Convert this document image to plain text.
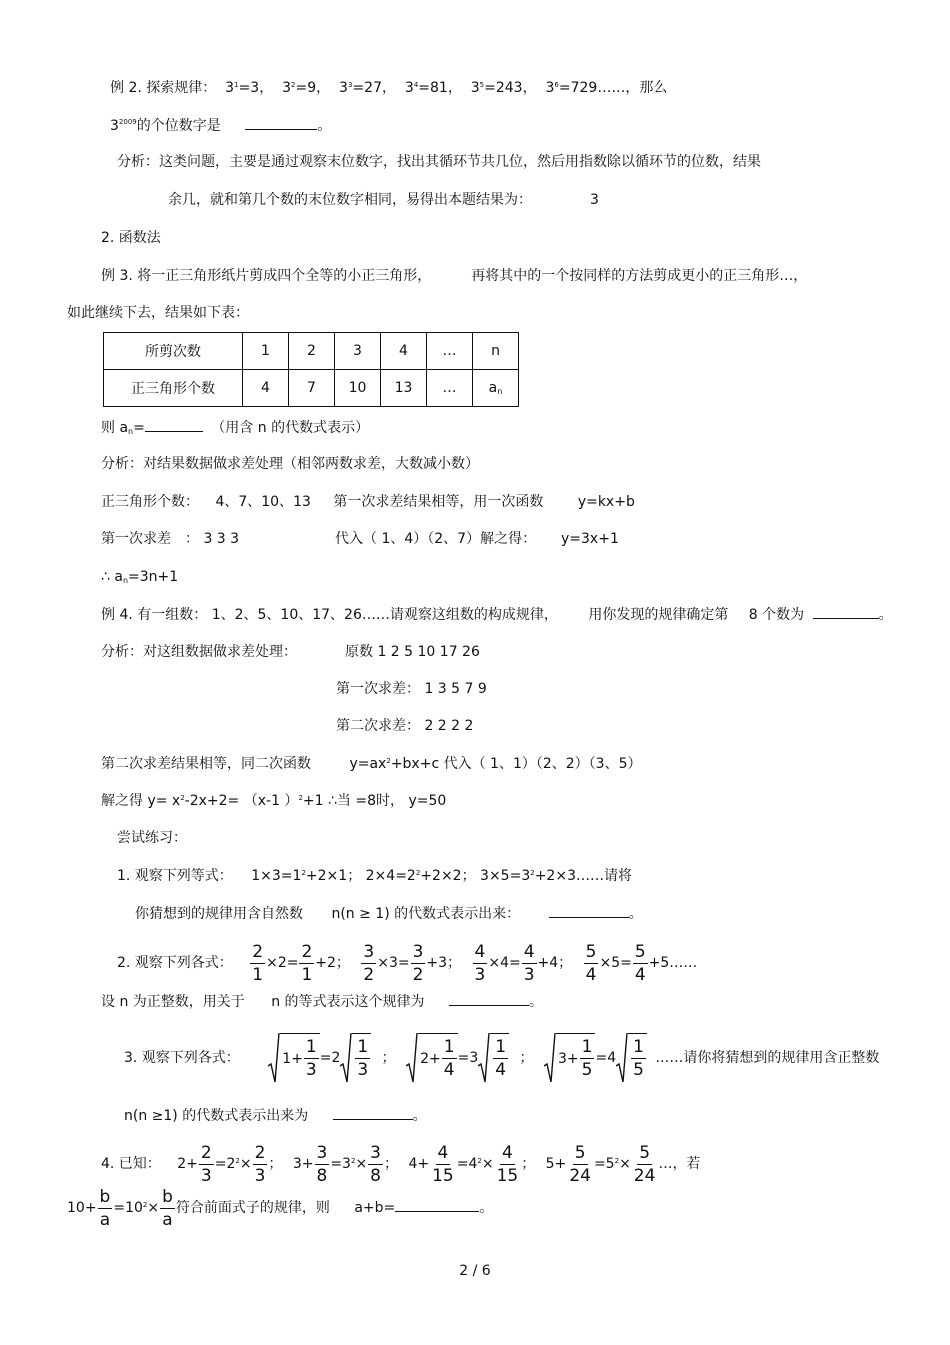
例 2. 探索规律： $3^1=3$， $3^2=9$， $3^3=27$， $3^4=81$， $3^5=243$， $3^6=729\dots\dots$，那么
$3^{2009}$的个位数字是	。
分析：这类问题，主要是通过观察末位数字，找出其循环节共几位，然后用指数除以循环节的位数，结果
余几，就和第几个数的末位数字相同，易得出本题结果为：	3
2. 函数法
例 3. 将一正三角形纸片剪成四个全等的小正三角形，	再将其中的一个按同样的方法剪成更小的正三角形…，
如此继续下去，结果如下表：
所剪次数	1	2	3	4	…	n
正三角形个数	4	7	10	13	…	an
则 an=	（用含 n 的代数式表示）
分析：对结果数据做求差处理（相邻两数求差，大数减小数）
正三角形个数： 4、7、10、13 第一次求差结果相等，用一次函数 y=kx+b
第一次求差 ： 3 3 3	代入（ 1、4）（2、7）解之得： y=3x+1
∴ an=3n+1
例 4. 有一组数： 1、2、5、10、17、26……请观察这组数的构成规律， 用你发现的规律确定第 8 个数为	。
分析：对这组数据做求差处理：	原数 1 2 5 10 17 26
第一次求差： 1 3 5 7 9
第二次求差： 2 2 2 2
第二次求差结果相等，同二次函数	$y=ax^2+bx+c$ 代入（ 1、1）（2、2）（3、5）
解之得 $y= x^2-2x+2= (x-1$ ）$^2$+1 ∴当 =8时， y=50
尝试练习：
1. 观察下列等式： $1\times 3=1^2+2\times 1$； $2\times 4=2^2+2\times 2$； $3\times 5=3^2+2\times 3\dots\dots$请将
你猜想到的规律用含自然数 n(n ≥ 1) 的代数式表示出来：	。
2. 观察下列各式： $\frac{2}{1} \times 2= \frac{2}{1} +2$； $\frac{3}{2} \times 3= \frac{3}{2} +3$； $\frac{4}{3} \times 4= \frac{4}{3} +4$； $\frac{5}{4} \times 5= \frac{5}{4}$ +5……
设 n 为正整数，用关于 n 的等式表示这个规律为	。
3. 观察下列各式：	$1 + \frac{1}{3} =2 \frac{1}{3}$ ； $2 + \frac{1}{4} =3 \frac{1}{4}$ ； $3 + \frac{1}{5} =4 \frac{1}{5}$ ……请你将猜想到的规律用含正整数
n(n ≥1) 的代数式表示出来为	。
4. 已知： $2+ \frac{2}{3} =2^2\times \frac{2}{3}$ ； $3+ \frac{3}{8} =3^2\times \frac{3}{8}$ ； $4+ \frac{4}{15} =4^2\times \frac{4}{15}$ ； $5+ \frac{5}{24} =5^2\times \frac{5}{24}$ …，若
$10+ \frac{b}{a} =10^2\times \frac{b}{a}$ 符合前面式子的规律，则 a+b=	。
2 / 6
